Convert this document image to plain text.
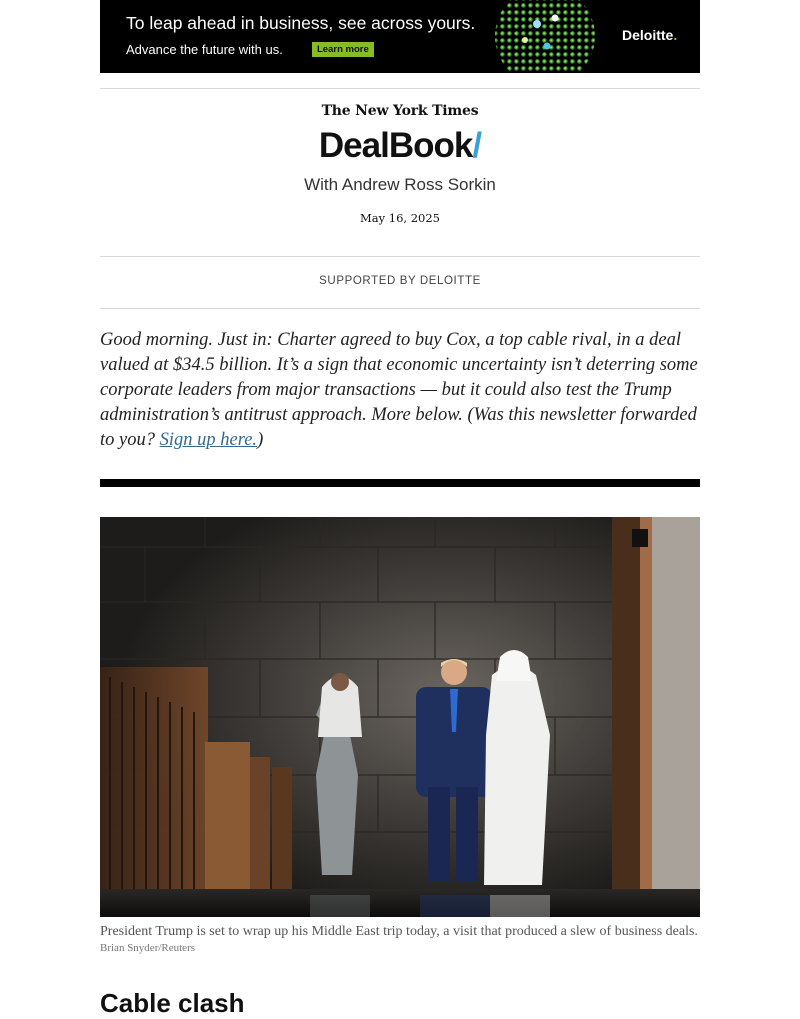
To leap ahead in business, see across yours.
Advance the future with us.	Learn more
Deloitte.
The New York Times
DealBook/
With Andrew Ross Sorkin
May 16, 2025
SUPPORTED BY DELOITTE

Good morning. Just in: Charter agreed to buy Cox, a top cable rival, in a deal valued at $34.5 billion. It’s a sign that economic uncertainty isn’t deterring some corporate leaders from major transactions — but it could also test the Trump administration’s antitrust approach. More below. (Was this newsletter forwarded to you? Sign up here.)

President Trump is set to wrap up his Middle East trip today, a visit that produced a slew of business deals. Brian Snyder/Reuters

Cable clash
